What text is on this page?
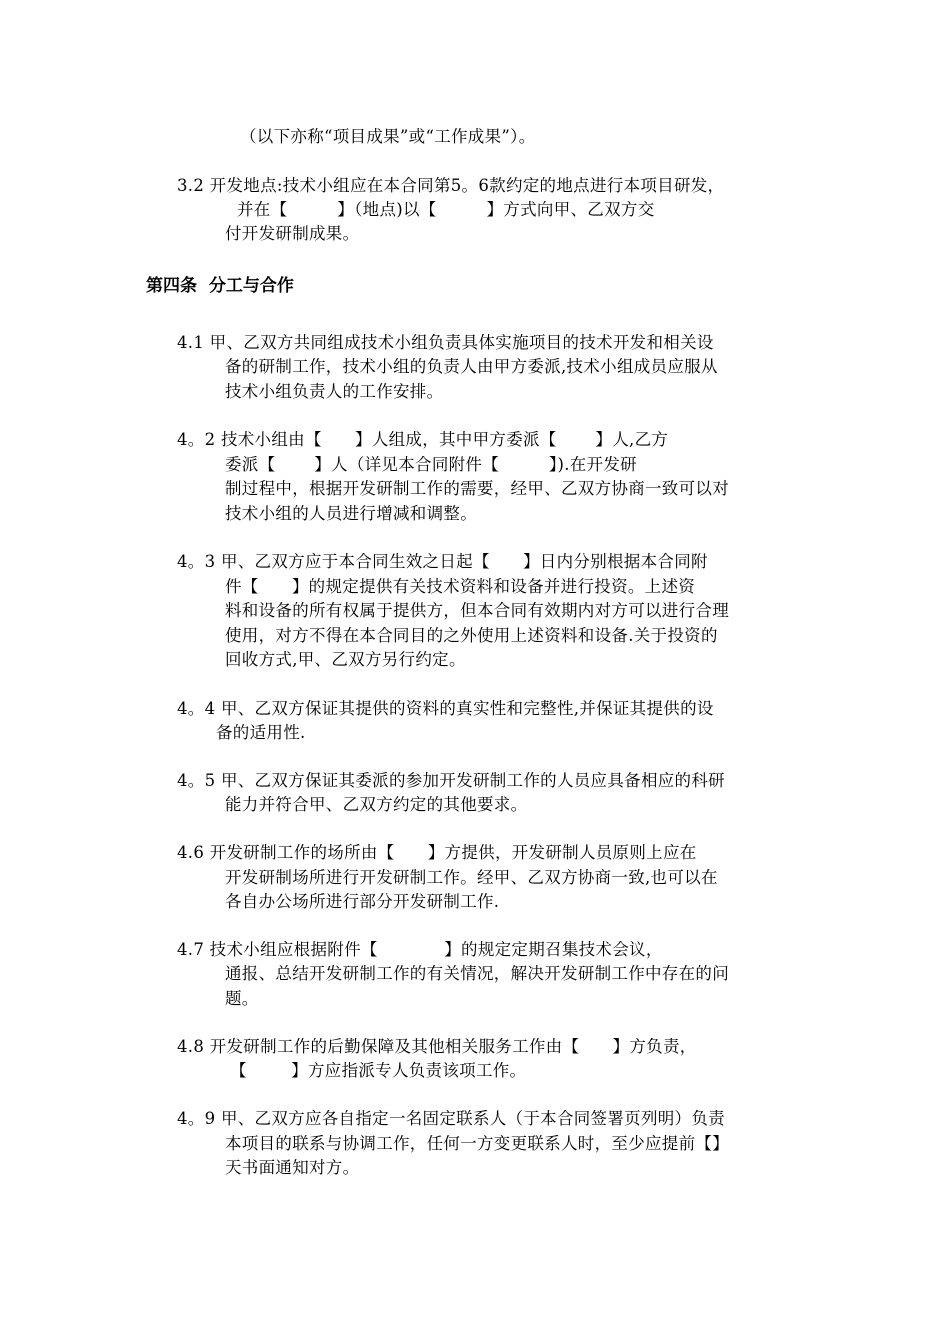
（以下亦称“项目成果”或“工作成果”）。
3.2 开发地点:技术小组应在本合同第5。6款约定的地点进行本项目研发，
并在【         】（地点)以【         】方式向甲、乙双方交
付开发研制成果。
第四条  分工与合作
4.1 甲、乙双方共同组成技术小组负责具体实施项目的技术开发和相关设
备的研制工作，技术小组的负责人由甲方委派,技术小组成员应服从
技术小组负责人的工作安排。
4。2 技术小组由【      】人组成，其中甲方委派【       】人,乙方
委派【       】人（详见本合同附件【         】).在开发研
制过程中，根据开发研制工作的需要，经甲、乙双方协商一致可以对
技术小组的人员进行增减和调整。
4。3 甲、乙双方应于本合同生效之日起【      】日内分别根据本合同附
件【      】的规定提供有关技术资料和设备并进行投资。上述资
料和设备的所有权属于提供方，但本合同有效期内对方可以进行合理
使用，对方不得在本合同目的之外使用上述资料和设备.关于投资的
回收方式,甲、乙双方另行约定。
4。4 甲、乙双方保证其提供的资料的真实性和完整性,并保证其提供的设
备的适用性.
4。5 甲、乙双方保证其委派的参加开发研制工作的人员应具备相应的科研
能力并符合甲、乙双方约定的其他要求。
4.6 开发研制工作的场所由【      】方提供，开发研制人员原则上应在
开发研制场所进行开发研制工作。经甲、乙双方协商一致,也可以在
各自办公场所进行部分开发研制工作.
4.7 技术小组应根据附件【            】的规定定期召集技术会议，
通报、总结开发研制工作的有关情况，解决开发研制工作中存在的问
题。
4.8 开发研制工作的后勤保障及其他相关服务工作由【      】方负责，
【        】方应指派专人负责该项工作。
4。9 甲、乙双方应各自指定一名固定联系人（于本合同签署页列明）负责
本项目的联系与协调工作，任何一方变更联系人时，至少应提前【】
天书面通知对方。
